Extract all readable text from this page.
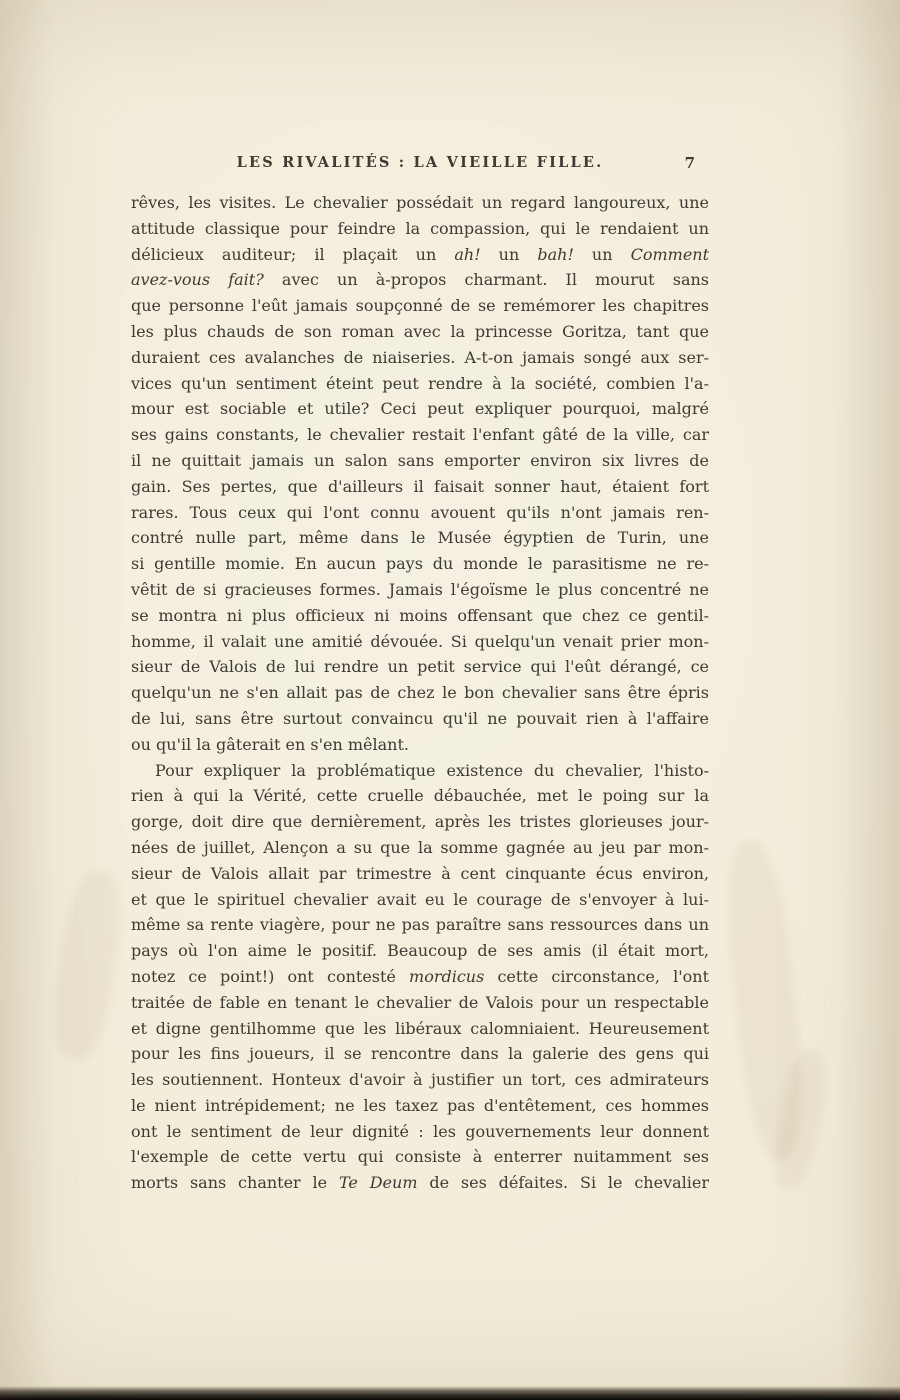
LES RIVALITÉS : LA VIEILLE FILLE.	7
rêves, les visites. Le chevalier possédait un regard langoureux, une
attitude classique pour feindre la compassion, qui le rendaient un
délicieux auditeur; il plaçait un ah! un bah! un Comment
avez-vous fait? avec un à-propos charmant. Il mourut sans
que personne l'eût jamais soupçonné de se remémorer les chapitres
les plus chauds de son roman avec la princesse Goritza, tant que
duraient ces avalanches de niaiseries. A-t-on jamais songé aux ser-
vices qu'un sentiment éteint peut rendre à la société, combien l'a-
mour est sociable et utile? Ceci peut expliquer pourquoi, malgré
ses gains constants, le chevalier restait l'enfant gâté de la ville, car
il ne quittait jamais un salon sans emporter environ six livres de
gain. Ses pertes, que d'ailleurs il faisait sonner haut, étaient fort
rares. Tous ceux qui l'ont connu avouent qu'ils n'ont jamais ren-
contré nulle part, même dans le Musée égyptien de Turin, une
si gentille momie. En aucun pays du monde le parasitisme ne re-
vêtit de si gracieuses formes. Jamais l'égoïsme le plus concentré ne
se montra ni plus officieux ni moins offensant que chez ce gentil-
homme, il valait une amitié dévouée. Si quelqu'un venait prier mon-
sieur de Valois de lui rendre un petit service qui l'eût dérangé, ce
quelqu'un ne s'en allait pas de chez le bon chevalier sans être épris
de lui, sans être surtout convaincu qu'il ne pouvait rien à l'affaire
ou qu'il la gâterait en s'en mêlant.
Pour expliquer la problématique existence du chevalier, l'histo-
rien à qui la Vérité, cette cruelle débauchée, met le poing sur la
gorge, doit dire que dernièrement, après les tristes glorieuses jour-
nées de juillet, Alençon a su que la somme gagnée au jeu par mon-
sieur de Valois allait par trimestre à cent cinquante écus environ,
et que le spirituel chevalier avait eu le courage de s'envoyer à lui-
même sa rente viagère, pour ne pas paraître sans ressources dans un
pays où l'on aime le positif. Beaucoup de ses amis (il était mort,
notez ce point!) ont contesté mordicus cette circonstance, l'ont
traitée de fable en tenant le chevalier de Valois pour un respectable
et digne gentilhomme que les libéraux calomniaient. Heureusement
pour les fins joueurs, il se rencontre dans la galerie des gens qui
les soutiennent. Honteux d'avoir à justifier un tort, ces admirateurs
le nient intrépidement; ne les taxez pas d'entêtement, ces hommes
ont le sentiment de leur dignité : les gouvernements leur donnent
l'exemple de cette vertu qui consiste à enterrer nuitamment ses
morts sans chanter le Te Deum de ses défaites. Si le chevalier
